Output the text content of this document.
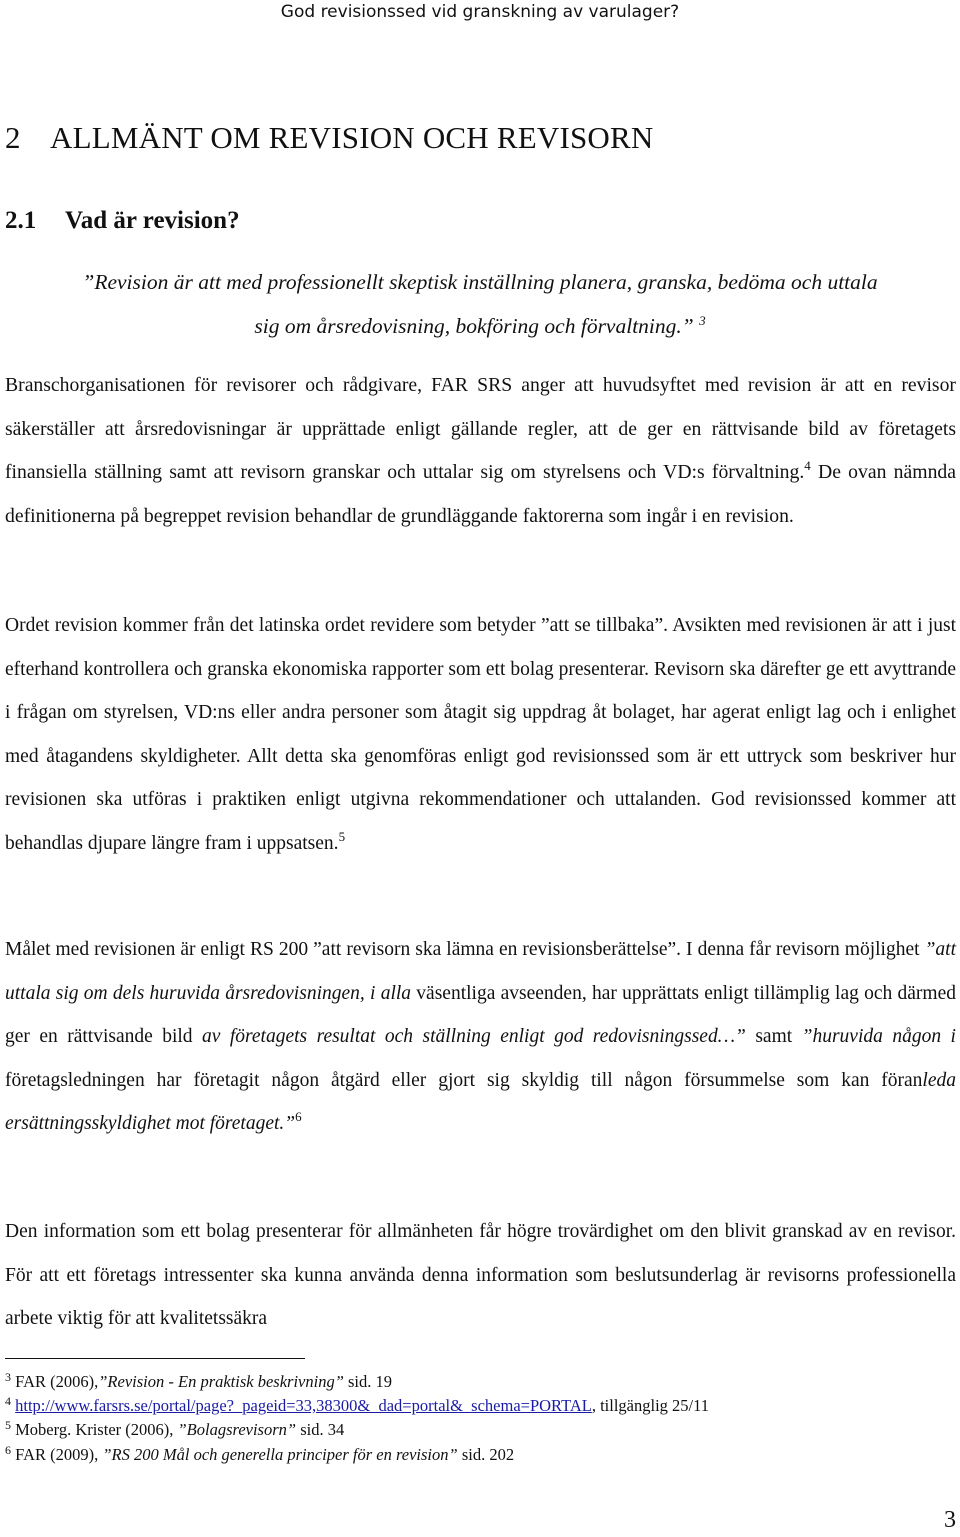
God revisionssed vid granskning av varulager?
2 ALLMÄNT OM REVISION OCH REVISORN
2.1 Vad är revision?
”Revision är att med professionellt skeptisk inställning planera, granska, bedöma och uttala
sig om årsredovisning, bokföring och förvaltning.” $^3$
Branschorganisationen för revisorer och rådgivare, FAR SRS anger att huvudsyftet med revision är att en revisor säkerställer att årsredovisningar är upprättade enligt gällande regler, att de ger en rättvisande bild av företagets finansiella ställning samt att revisorn granskar och uttalar sig om styrelsens och VD:s förvaltning.$^4$ De ovan nämnda definitionerna på begreppet revision behandlar de grundläggande faktorerna som ingår i en revision.
Ordet revision kommer från det latinska ordet revidere som betyder ”att se tillbaka”. Avsikten med revisionen är att i just efterhand kontrollera och granska ekonomiska rapporter som ett bolag presenterar. Revisorn ska därefter ge ett avyttrande i frågan om styrelsen, VD:ns eller andra personer som åtagit sig uppdrag åt bolaget, har agerat enligt lag och i enlighet med åtagandens skyldigheter. Allt detta ska genomföras enligt god revisionssed som är ett uttryck som beskriver hur revisionen ska utföras i praktiken enligt utgivna rekommendationer och uttalanden. God revisionssed kommer att behandlas djupare längre fram i uppsatsen.$^5$
Målet med revisionen är enligt RS 200 ”att revisorn ska lämna en revisionsberättelse”. I denna får revisorn möjlighet ”att uttala sig om dels huruvida årsredovisningen, i alla väsentliga avseenden, har upprättats enligt tillämplig lag och därmed ger en rättvisande bild av företagets resultat och ställning enligt god redovisningssed…” samt ”huruvida någon i företagsledningen har företagit någon åtgärd eller gjort sig skyldig till någon försummelse som kan föranleda ersättningsskyldighet mot företaget.”$^6$
Den information som ett bolag presenterar för allmänheten får högre trovärdighet om den blivit granskad av en revisor. För att ett företags intressenter ska kunna använda denna information som beslutsunderlag är revisorns professionella arbete viktig för att kvalitetssäkra
$^3$ FAR (2006),”Revision - En praktisk beskrivning” sid. 19
$^4$ http://www.farsrs.se/portal/page?_pageid=33,38300&_dad=portal&_schema=PORTAL, tillgänglig 25/11
$^5$ Moberg. Krister (2006), ”Bolagsrevisorn” sid. 34
$^6$ FAR (2009), ”RS 200 Mål och generella principer för en revision” sid. 202
3
